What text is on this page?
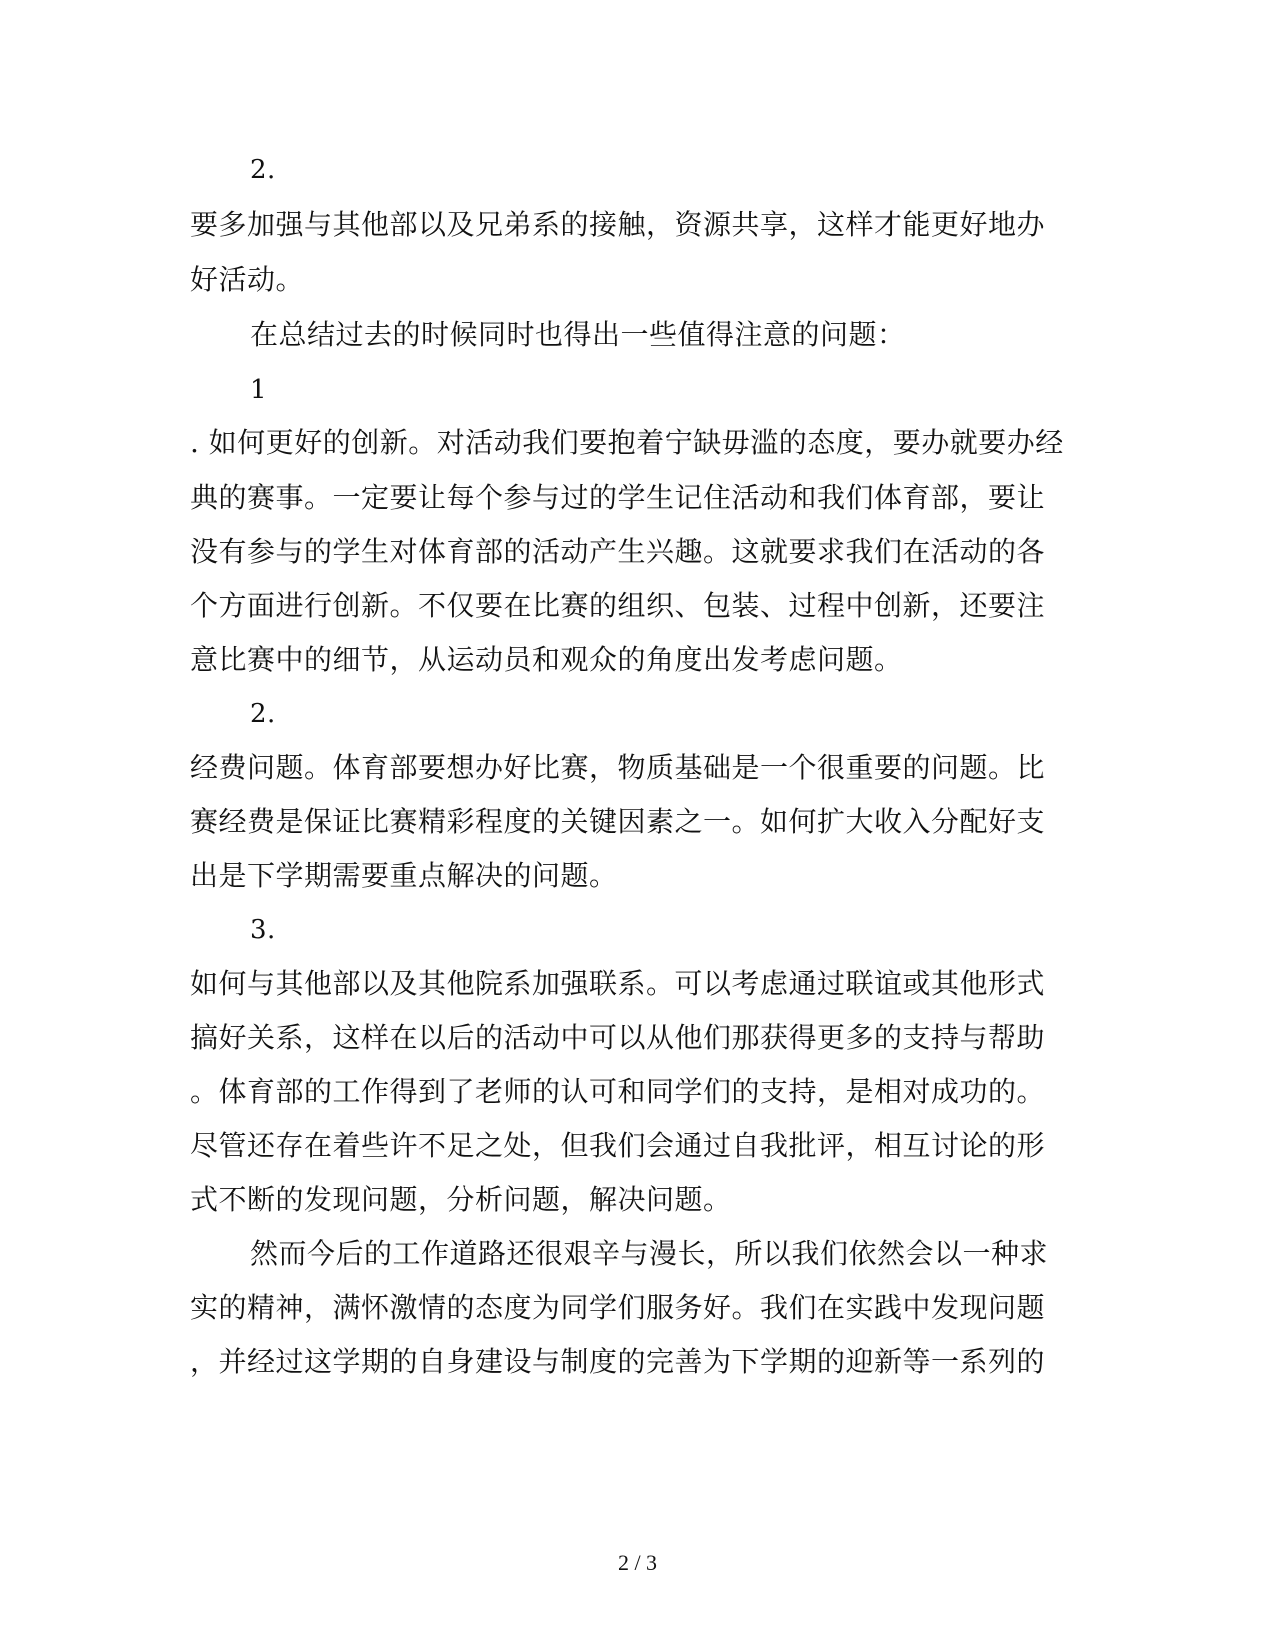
2.
要多加强与其他部以及兄弟系的接触，资源共享，这样才能更好地办
好活动。
在总结过去的时候同时也得出一些值得注意的问题：
1
. 如何更好的创新。对活动我们要抱着宁缺毋滥的态度，要办就要办经
典的赛事。一定要让每个参与过的学生记住活动和我们体育部，要让
没有参与的学生对体育部的活动产生兴趣。这就要求我们在活动的各
个方面进行创新。不仅要在比赛的组织、包装、过程中创新，还要注
意比赛中的细节，从运动员和观众的角度出发考虑问题。
2.
经费问题。体育部要想办好比赛，物质基础是一个很重要的问题。比
赛经费是保证比赛精彩程度的关键因素之一。如何扩大收入分配好支
出是下学期需要重点解决的问题。
3.
如何与其他部以及其他院系加强联系。可以考虑通过联谊或其他形式
搞好关系，这样在以后的活动中可以从他们那获得更多的支持与帮助
。体育部的工作得到了老师的认可和同学们的支持，是相对成功的。
尽管还存在着些许不足之处，但我们会通过自我批评，相互讨论的形
式不断的发现问题，分析问题，解决问题。
然而今后的工作道路还很艰辛与漫长，所以我们依然会以一种求
实的精神，满怀激情的态度为同学们服务好。我们在实践中发现问题
，并经过这学期的自身建设与制度的完善为下学期的迎新等一系列的
2 / 3
